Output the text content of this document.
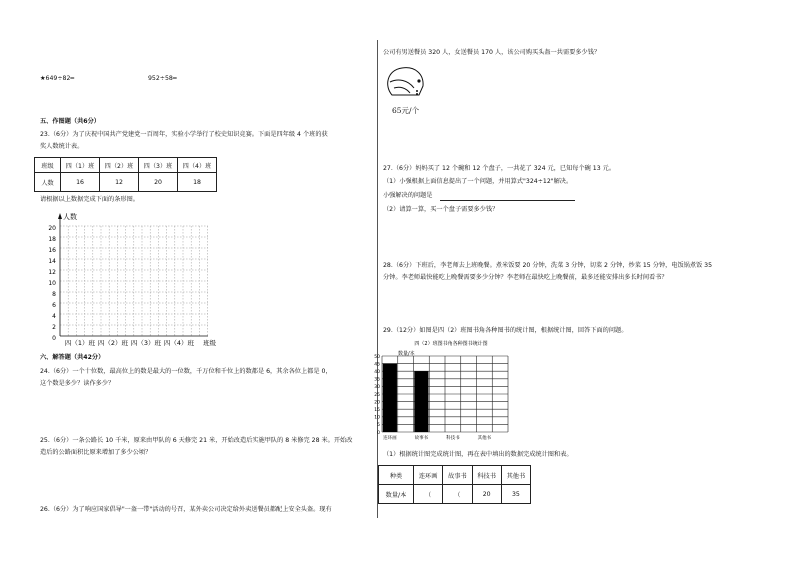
★649÷82═	952÷58═
五、作图题（共6分）
23.（6分）为了庆祝中国共产党建党一百周年，实验小学举行了校史知识竞赛。下面是四年级 4 个班的获
奖人数统计表。
班级	四（1）班	四（2）班	四（3）班	四（4）班
人数	16	12	20	18
请根据以上数据完成下面的条形图。
人数
0
2
4
6
8
10
12
14
16
18
20
四（1）班 四（2）班 四（3）班 四（4）班 班级
六、解答题（共42分）
24.（6分）一个十位数，最高位上的数是最大的一位数，千万位和千位上的数都是 6，其余各位上都是 0，
这个数是多少？读作多少？
25.（6分）一条公路长 10 千米，原来由甲队的 6 天修完 21 米，开始改造后实施甲队的 8 米修完 28 米。开始改
造后的公路面积比原来增加了多少公顷？
26.（6分）为了响应国家倡导"一盔一带"活动的号召，某外卖公司决定给外卖送餐员都配上安全头盔。现有
公司有男送餐员 320 人，女送餐员 170 人，该公司购买头盔一共需要多少钱？
65元/个
27.（6分）妈妈买了 12 个碗和 12 个盘子，一共花了 324 元，已知每个碗 13 元。
（1）小强根据上面信息提出了一个问题，并用算式"324÷12"解决。
小强解决的问题是
（2）请算一算，买一个盘子需要多少钱？
28.（6分）下班后，李老师去上班晚餐。煮米饭要 20 分钟，洗菜 3 分钟，切菜 2 分钟，炒菜 15 分钟，电饭锅煮饭 35
分钟。李老师最快能吃上晚餐需要多少分钟？李老师在最快吃上晚餐前，最多还能安排出多长时间看书？
29.（12分）如图是四（2）班图书角各种图书的统计图，根据统计图，回答下面的问题。
四（2）班图书角各种图书统计图
数量/本
0
5
10
15
20
25
30
35
40
45
50
连环画	故事书	科技书	其他书
（1）根据统计图完成统计图，再在表中填出的数据完成统计图和表。
种类	连环画	故事书	科技书	其他书
数量/本	（	（	20	35
